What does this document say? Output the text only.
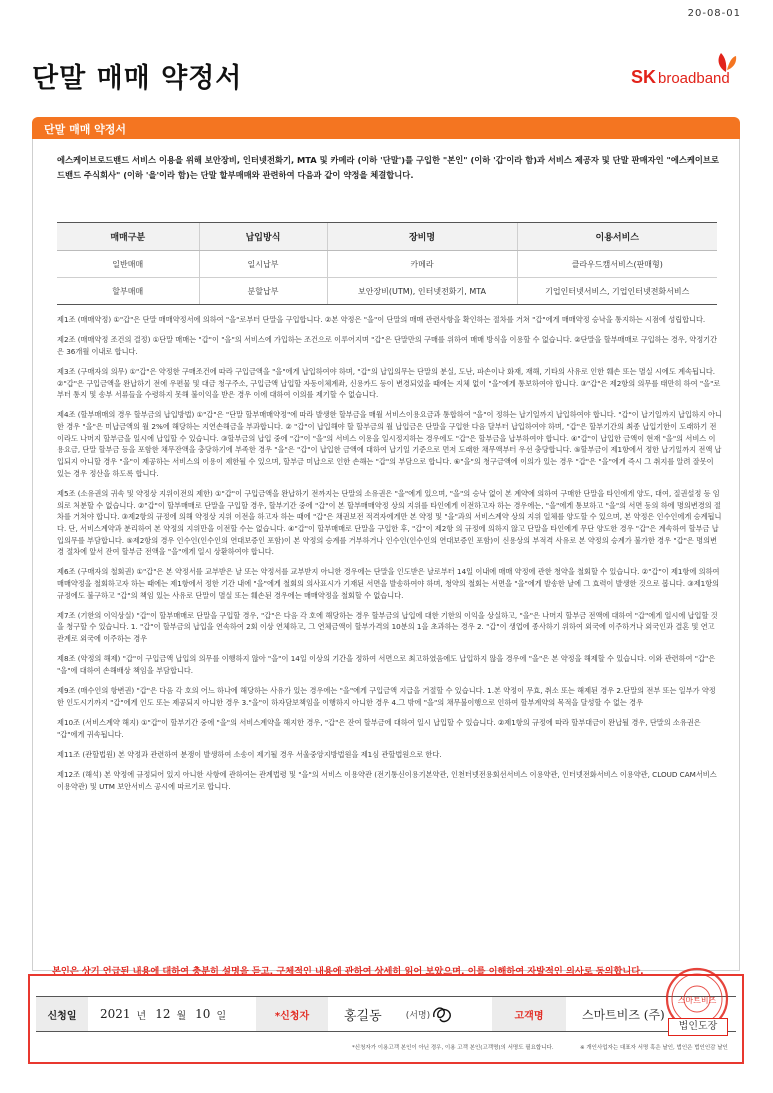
20-08-01
단말 매매 약정서	SK broadband
단말 매매 약정서
에스케이브로드밴드 서비스 이용을 위해 보안장비, 인터넷전화기, MTA 및 카메라 (이하 '단말')를 구입한 "본인" (이하 '갑'이라 함)과 서비스 제공자 및 단말 판매자인 "에스케이브로드밴드 주식회사" (이하 '을'이라 함)는 단말 할부매매와 관련하여 다음과 같이 약정을 체결합니다.
매매구분	납입방식	장비명	이용서비스
일반매매	일시납부	카메라	클라우드캠서비스(판매형)
할부매매	분할납부	보안장비(UTM), 인터넷전화기, MTA	기업인터넷서비스, 기업인터넷전화서비스

제1조 (매매약정) ①"갑"은 단말 매매약정서에 의하여 "을"로부터 단말을 구입합니다. ②본 약정은 "을"이 단말의 매매 관련사항을 확인하는 절차를 거쳐 "갑"에게 매매약정 승낙을 통지하는 시점에 성립합니다.

제2조 (매매약정 조건의 결정) ①단말 매매는 "갑"이 "을"의 서비스에 가입하는 조건으로 이루어지며 "갑"은 단말만의 구매를 위하여 매매 방식을 이용할 수 없습니다. ②단말을 할부매매로 구입하는 경우, 약정기간은 36개월 이내로 합니다.

제3조 (구매자의 의무) ①"갑"은 약정한 구매조건에 따라 구입금액을 "을"에게 납입하여야 하며, "갑"의 납입의무는 단말의 분실, 도난, 파손이나 화재, 재해, 기타의 사유로 인한 훼손 또는 멸실 시에도 계속됩니다. ②"갑"은 구입금액을 완납하기 전에 우편물 및 대금 청구주소, 구입금액 납입할 자동이체계좌, 신용카드 등이 변경되었을 때에는 지체 없이 "을"에게 통보하여야 합니다. ③"갑"은 제2항의 의무를 태만히 하여 "을"로부터 통지 및 송부 서류들을 수령하지 못해 불이익을 받은 경우 이에 대하여 이의를 제기할 수 없습니다.

제4조 (할부매매의 경우 할부금의 납입방법) ①"갑"은 "단말 할부매매약정"에 따라 발생한 할부금을 매월 서비스이용요금과 통합하여 "을"이 정하는 납기일까지 납입하여야 합니다. "갑"이 납기일까지 납입하지 아니한 경우 "을"은 미납금액의 월 2%에 해당하는 지연손해금을 부과합니다. ② "갑"이 납입해야 할 할부금의 월 납입금은 단말을 구입한 다음 달부터 납입하여야 하며, "갑"은 할부기간의 최종 납입기한이 도래하기 전이라도 나머지 할부금을 일시에 납입할 수 있습니다. ③할부금의 납입 중에 "갑"이 "을"의 서비스 이용을 일시정지하는 경우에도 "갑"은 할부금을 납부하여야 합니다. ④"갑"이 납입한 금액이 현재 "을"의 서비스 이용요금, 단말 할부금 등을 포함한 채무잔액을 충당하기에 부족한 경우 "을"은 "갑"이 납입한 금액에 대하여 납기일 기준으로 먼저 도래한 채무액부터 우선 충당합니다. ⑤할부금이 제1항에서 정한 납기일까지 전액 납입되지 아니할 경우 "을"이 제공하는 서비스의 이용이 제한될 수 있으며, 할부금 미납으로 인한 손해는 "갑"의 부담으로 합니다. ⑥"을"의 청구금액에 이의가 있는 경우 "갑"은 "을"에게 즉시 그 취지를 알려 잘못이 있는 경우 정산을 하도록 합니다.

제5조 (소유권의 귀속 및 약정상 지위이전의 제한) ①"갑"이 구입금액을 완납하기 전까지는 단말의 소유권은 "을"에게 있으며, "을"의 승낙 없이 본 계약에 의하여 구매한 단말을 타인에게 양도, 대여, 질권설정 등 임의로 처분할 수 없습니다. ②"갑"이 할부매매로 단말을 구입할 경우, 할부기간 중에 "갑"이 본 할부매매약정 상의 지위를 타인에게 이전하고자 하는 경우에는, "을"에게 통보하고 "을"의 서면 동의 하에 명의변경의 절차를 거쳐야 합니다. ③제2항의 규정에 의해 약정상 지위 이전을 하고자 하는 때에 "갑"은 채권보전 적격자에게만 본 약정 및 "을"과의 서비스계약 상의 지위 일체를 양도할 수 있으며, 본 약정은 인수인에게 승계됩니다. 단, 서비스계약과 분리하여 본 약정의 지위만을 이전할 수는 없습니다. ④"갑"이 할부매매로 단말을 구입한 후, "갑"이 제2항 의 규정에 의하지 않고 단말을 타인에게 무단 양도한 경우 "갑"은 계속하여 할부금 납입의무를 부담합니다. ⑤제2항의 경우 인수인(인수인의 연대보증인 포함)이 본 약정의 승계를 거부하거나 인수인(인수인의 연대보증인 포함)이 신용상의 부적격 사유로 본 약정의 승계가 불가한 경우 "갑"은 명의변경 절차에 앞서 잔여 할부금 전액을 "을"에게 일시 상환하여야 합니다.

제6조 (구매자의 철회권) ①"갑"은 본 약정서를 교부받은 날 또는 약정서를 교부받지 아니한 경우에는 단말을 인도받은 날로부터 14일 이내에 매매 약정에 관한 청약을 철회할 수 있습니다. ②"갑"이 제1항에 의하여 매매약정을 철회하고자 하는 때에는 제1항에서 정한 기간 내에 "을"에게 철회의 의사표시가 기재된 서면을 발송하여야 하며, 청약의 철회는 서면을 "을"에게 발송한 날에 그 효력이 발생한 것으로 봅니다. ③제1항의 규정에도 불구하고 "갑"의 책임 있는 사유로 단말이 멸실 또는 훼손된 경우에는 매매약정을 철회할 수 없습니다.

제7조 (기한의 이익상실) "갑"이 할부매매로 단말을 구입할 경우, "갑"은 다음 각 호에 해당하는 경우 할부금의 납입에 대한 기한의 이익을 상실하고, "을"은 나머지 할부금 전액에 대하여 "갑"에게 일시에 납입할 것을 청구할 수 있습니다. 1. "갑"이 할부금의 납입을 연속하여 2회 이상 연체하고, 그 연체금액이 할부가격의 10분의 1을 초과하는 경우 2. "갑"이 생업에 종사하기 위하여 외국에 이주하거나 외국인과 결혼 및 연고 관계로 외국에 이주하는 경우

제8조 (약정의 해제) "갑"이 구입금액 납입의 의무를 이행하지 않아 "을"이 14일 이상의 기간을 정하여 서면으로 최고하였음에도 납입하지 않을 경우에 "을"은 본 약정을 해제할 수 있습니다. 이와 관련하여 "갑"은 "을"에 대하여 손해배상 책임을 부담합니다.

제9조 (매수인의 항변권) "갑"은 다음 각 호의 어느 하나에 해당하는 사유가 있는 경우에는 "을"에게 구입금액 지급을 거절할 수 있습니다. 1.본 약정이 무효, 취소 또는 해제된 경우 2.단말의 전부 또는 일부가 약정한 인도시기까지 "갑"에게 인도 또는 제공되지 아니한 경우 3."을"이 하자담보책임을 이행하지 아니한 경우 4.그 밖에 "을"의 채무불이행으로 인하여 할부계약의 목적을 달성할 수 없는 경우

제10조 (서비스계약 해지) ①"갑"이 할부기간 중에 "을"의 서비스계약을 해지한 경우, "갑"은 잔여 할부금에 대하여 일시 납입할 수 있습니다. ②제1항의 규정에 따라 할부대금이 완납될 경우, 단말의 소유권은 "갑"에게 귀속됩니다.

제11조 (관할법원) 본 약정과 관련하여 분쟁이 발생하여 소송이 제기될 경우 서울중앙지방법원을 제1심 관할법원으로 한다.

제12조 (해석) 본 약정에 규정되어 있지 아니한 사항에 관하여는 관계법령 및 "을"의 서비스 이용약관 (전기통신이용기본약관, 인천터넷전용회선서비스 이용약관, 인터넷전화서비스 이용약관, CLOUD CAM서비스 이용약관) 및 UTM 보안서비스 공시에 따르기로 합니다.

본인은 상기 언급된 내용에 대하여 충분히 설명을 듣고, 구체적인 내용에 관하여 상세히 읽어 보았으며, 이를 이해하여 자발적인 의사로 동의합니다.
신청일	2021 년 12 월 10 일	*신청자	홍길동	(서명)	고객명	스마트비즈 (주)
스마트비즈
법인도장
*신청자가 이용고객 본인이 아닌 경우, 이용 고객 본인(고객명)의 서명도 필요합니다.	※ 개인사업자는 대표자 서명 혹은 날인, 법인은 법인인감 날인
